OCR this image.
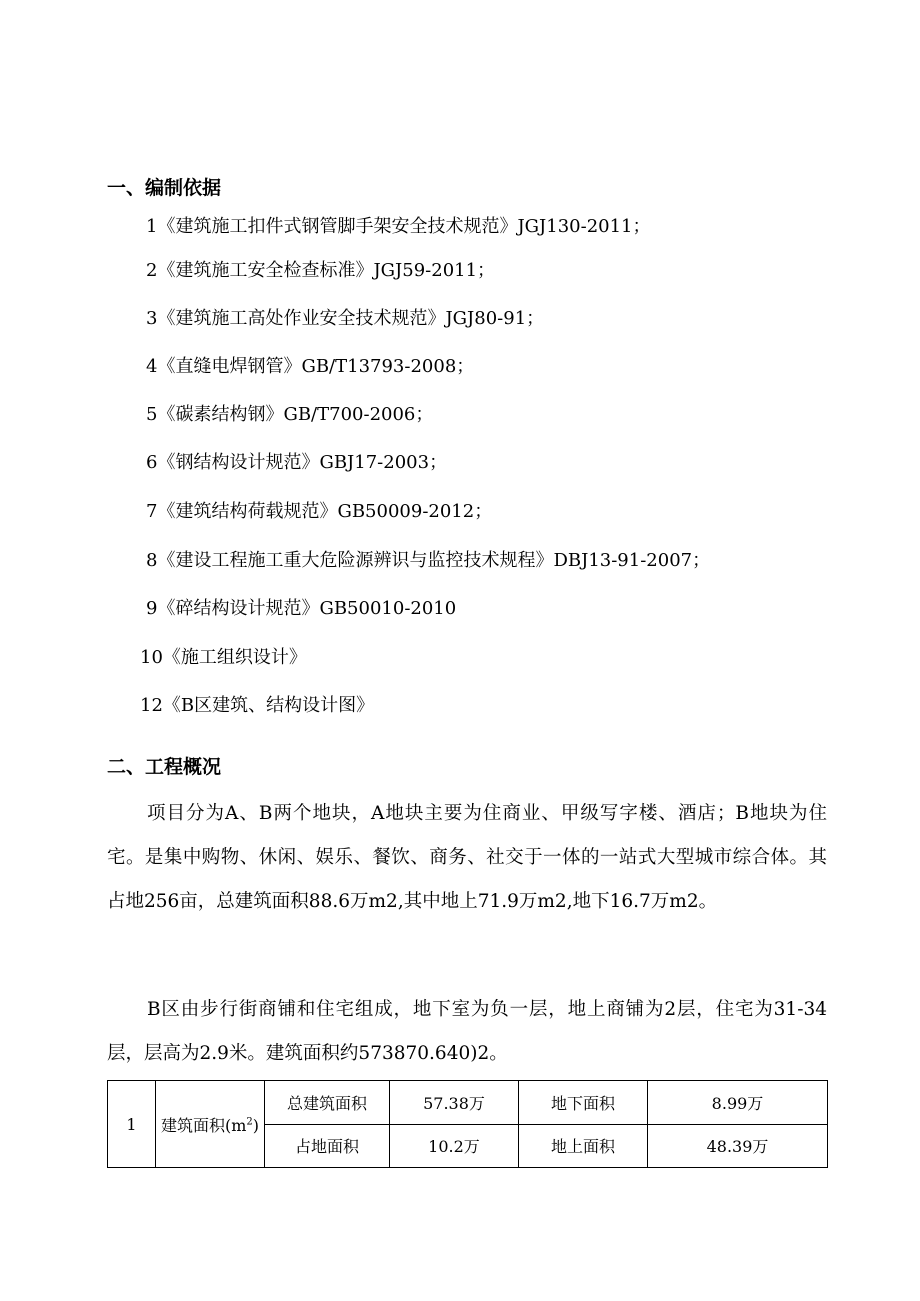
一、编制依据
1《建筑施工扣件式钢管脚手架安全技术规范》JGJ130-2011；
2《建筑施工安全检查标准》JGJ59-2011；
3《建筑施工高处作业安全技术规范》JGJ80-91；
4《直缝电焊钢管》GB/T13793-2008；
5《碳素结构钢》GB/T700-2006；
6《钢结构设计规范》GBJ17-2003；
7《建筑结构荷载规范》GB50009-2012；
8《建设工程施工重大危险源辨识与监控技术规程》DBJ13-91-2007；
9《碎结构设计规范》GB50010-2010
10《施工组织设计》
12《B区建筑、结构设计图》
二、工程概况

项目分为A、B两个地块，A地块主要为住商业、甲级写字楼、酒店；B地块为住宅。是集中购物、休闲、娱乐、餐饮、商务、社交于一体的一站式大型城市综合体。其占地256亩，总建筑面积88.6万m2,其中地上71.9万m2,地下16.7万m2。

B区由步行街商铺和住宅组成，地下室为负一层，地上商铺为2层，住宅为31-34层，层高为2.9米。建筑面积约573870.640)2。

1	建筑面积$(m^2)$	总建筑面积	57.38万	地下面积	8.99万
		占地面积	10.2万	地上面积	48.39万
